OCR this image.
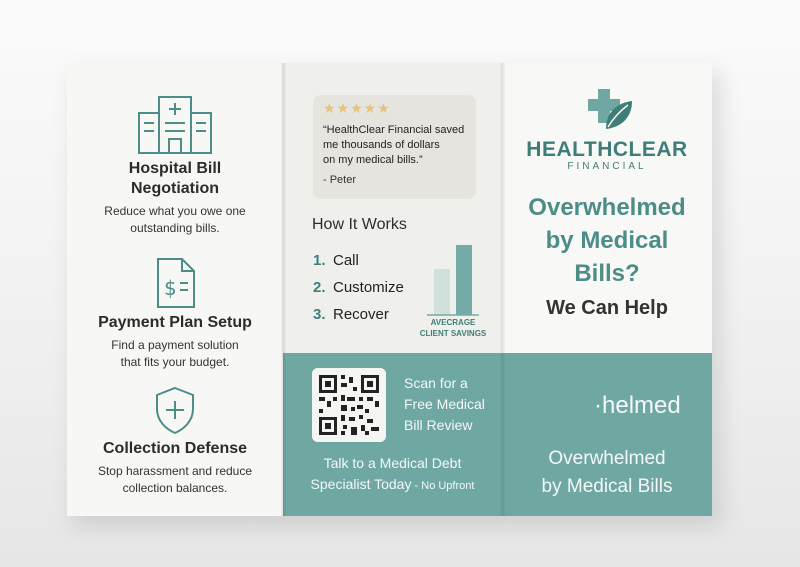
Hospital Bill
Negotiation
Reduce what you owe one
outstanding bills.
$
Payment Plan Setup
Find a payment solution
that fits your budget.
Collection Defense
Stop harassment and reduce
collection balances.
★★★★★
“HealthClear Financial saved
me thousands of dollars
on my medical bills.”
- Peter
How It Works
1. Call
2. Customize
3. Recover	AVECRAGE
CLIENT SAVINGS
Scan for a
Free Medical
Bill Review
Talk to a Medical Debt
Specialist Today - No Upfront
HEALTHCLEAR
FINANCIAL
Overwhelmed
by Medical
Bills?
We Can Help
·helmed
Overwhelmed
by Medical Bills
